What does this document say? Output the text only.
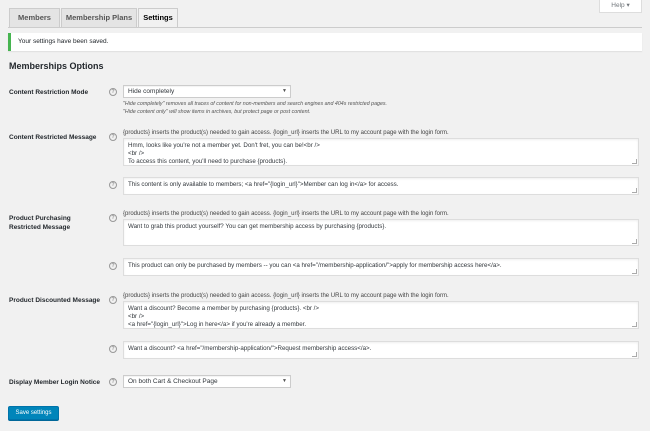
Help ▾
Members	Membership Plans	Settings
Your settings have been saved.
Memberships Options
Content Restriction Mode	?	Hide completely	▼
"Hide completely" removes all traces of content for non-members and search engines and 404s restricted pages.
"Hide content only" will show items in archives, but protect page or post content.
Content Restricted Message	?
{products} inserts the product(s) needed to gain access. {login_url} inserts the URL to my account page with the login form.
Hmm, looks like you're not a member yet. Don't fret, you can be!<br />
<br />
To access this content, you'll need to purchase {products}.
?	This content is only available to members; <a href="{login_url}">Member can log in</a> for access.
Product Purchasing
Restricted Message
?
{products} inserts the product(s) needed to gain access. {login_url} inserts the URL to my account page with the login form.
Want to grab this product yourself? You can get membership access by purchasing {products}.
?	This product can only be purchased by members -- you can <a href="/membership-application/">apply for membership access here</a>.
Product Discounted Message	?
{products} inserts the product(s) needed to gain access. {login_url} inserts the URL to my account page with the login form.
Want a discount? Become a member by purchasing {products}. <br />
<br />
<a href="{login_url}">Log in here</a> if you're already a member.
?	Want a discount? <a href="/membership-application/">Request membership access</a>.
Display Member Login Notice	?	On both Cart & Checkout Page	▼
Save settings
